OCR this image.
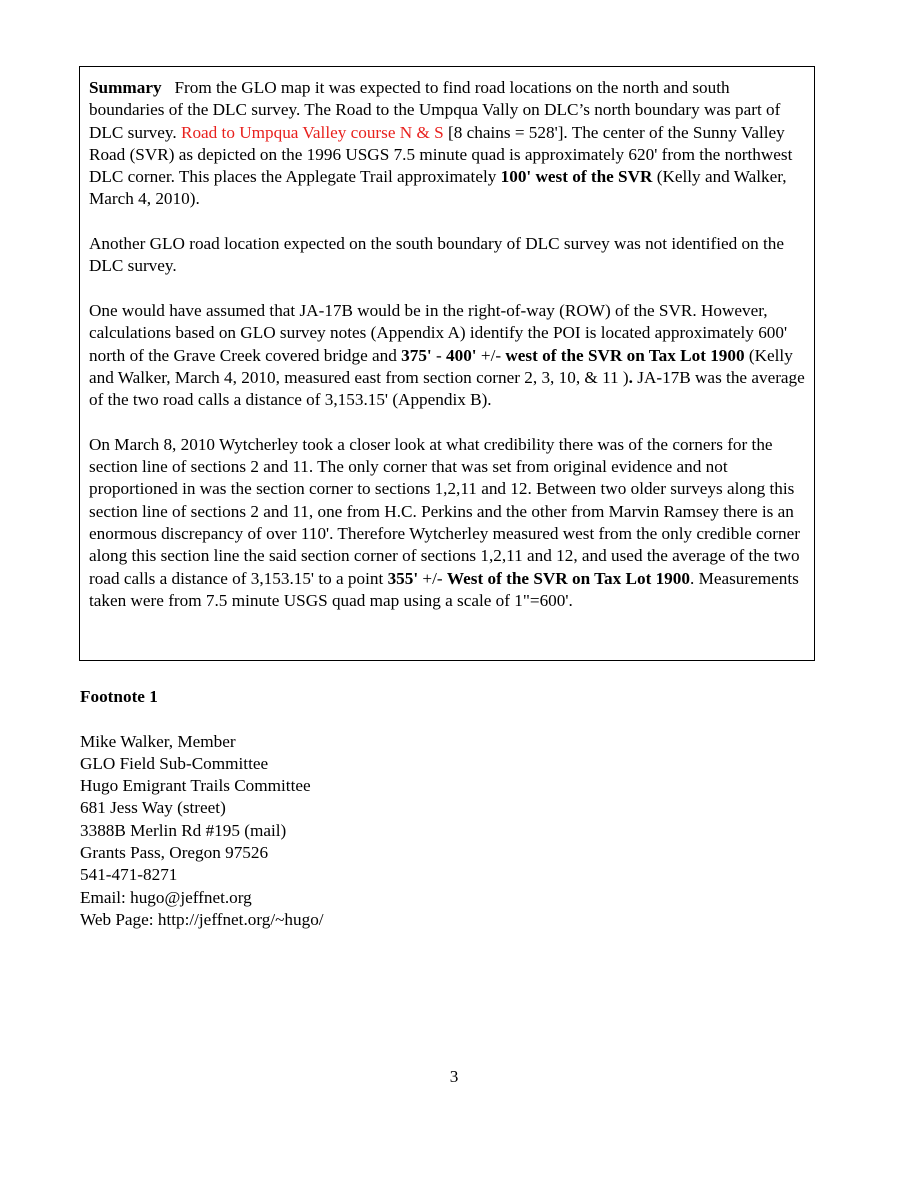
Summary From the GLO map it was expected to find road locations on the north and south boundaries of the DLC survey. The Road to the Umpqua Vally on DLC’s north boundary was part of DLC survey. Road to Umpqua Valley course N & S [8 chains = 528']. The center of the Sunny Valley Road (SVR) as depicted on the 1996 USGS 7.5 minute quad is approximately 620' from the northwest DLC corner. This places the Applegate Trail approximately 100' west of the SVR (Kelly and Walker, March 4, 2010).

Another GLO road location expected on the south boundary of DLC survey was not identified on the DLC survey.

One would have assumed that JA-17B would be in the right-of-way (ROW) of the SVR. However, calculations based on GLO survey notes (Appendix A) identify the POI is located approximately 600' north of the Grave Creek covered bridge and 375' - 400' +/- west of the SVR on Tax Lot 1900 (Kelly and Walker, March 4, 2010, measured east from section corner 2, 3, 10, & 11 ). JA-17B was the average of the two road calls a distance of 3,153.15' (Appendix B).

On March 8, 2010 Wytcherley took a closer look at what credibility there was of the corners for the section line of sections 2 and 11. The only corner that was set from original evidence and not proportioned in was the section corner to sections 1,2,11 and 12. Between two older surveys along this section line of sections 2 and 11, one from H.C. Perkins and the other from Marvin Ramsey there is an enormous discrepancy of over 110'. Therefore Wytcherley measured west from the only credible corner along this section line the said section corner of sections 1,2,11 and 12, and used the average of the two road calls a distance of 3,153.15' to a point 355' +/- West of the SVR on Tax Lot 1900. Measurements taken were from 7.5 minute USGS quad map using a scale of 1"=600'.

Footnote 1
Mike Walker, Member
GLO Field Sub-Committee
Hugo Emigrant Trails Committee
681 Jess Way (street)
3388B Merlin Rd #195 (mail)
Grants Pass, Oregon 97526
541-471-8271
Email: hugo@jeffnet.org
Web Page: http://jeffnet.org/~hugo/
3
